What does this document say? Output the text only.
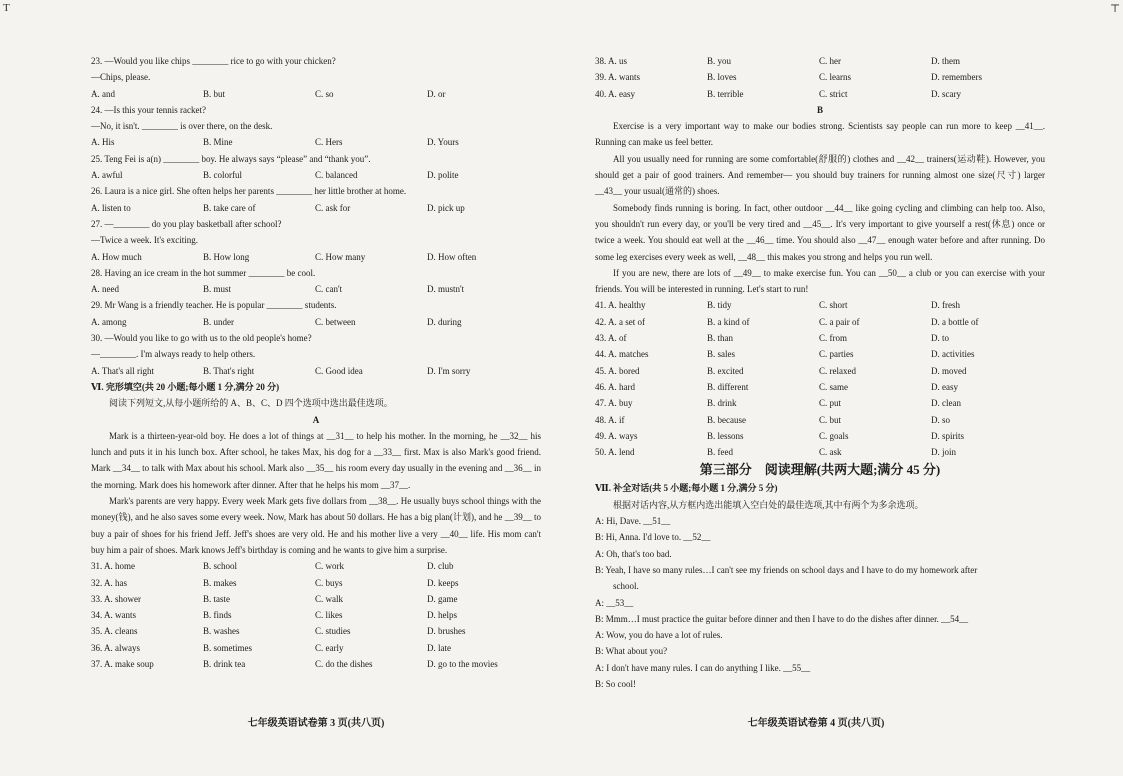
T	⊤
23. —Would you like chips ________ rice to go with your chicken?
—Chips, please.
A. and	B. but	C. so	D. or
24. —Is this your tennis racket?
—No, it isn't. ________ is over there, on the desk.
A. His	B. Mine	C. Hers	D. Yours
25. Teng Fei is a(n) ________ boy. He always says “please” and “thank you”.
A. awful	B. colorful	C. balanced	D. polite
26. Laura is a nice girl. She often helps her parents ________ her little brother at home.
A. listen to	B. take care of	C. ask for	D. pick up
27. —________ do you play basketball after school?
—Twice a week. It's exciting.
A. How much	B. How long	C. How many	D. How often
28. Having an ice cream in the hot summer ________ be cool.
A. need	B. must	C. can't	D. mustn't
29. Mr Wang is a friendly teacher. He is popular ________ students.
A. among	B. under	C. between	D. during
30. —Would you like to go with us to the old people's home?
—________. I'm always ready to help others.
A. That's all right	B. That's right	C. Good idea	D. I'm sorry
Ⅵ. 完形填空(共 20 小题;每小题 1 分,满分 20 分)
阅读下列短文,从每小题所给的 A、B、C、D 四个选项中选出最佳选项。
A
Mark is a thirteen-year-old boy. He does a lot of things at __31__ to help his mother. In the morning, he __32__ his lunch and puts it in his lunch box. After school, he takes Max, his dog for a __33__ first. Max is also Mark's good friend. Mark __34__ to talk with Max about his school. Mark also __35__ his room every day usually in the evening and __36__ in the morning. Mark does his homework after dinner. After that he helps his mom __37__.
Mark's parents are very happy. Every week Mark gets five dollars from __38__. He usually buys school things with the money(钱), and he also saves some every week. Now, Mark has about 50 dollars. He has a big plan(计划), and he __39__ to buy a pair of shoes for his friend Jeff. Jeff's shoes are very old. He and his mother live a very __40__ life. His mom can't buy him a pair of shoes. Mark knows Jeff's birthday is coming and he wants to give him a surprise.
31. A. home	B. school	C. work	D. club
32. A. has	B. makes	C. buys	D. keeps
33. A. shower	B. taste	C. walk	D. game
34. A. wants	B. finds	C. likes	D. helps
35. A. cleans	B. washes	C. studies	D. brushes
36. A. always	B. sometimes	C. early	D. late
37. A. make soup	B. drink tea	C. do the dishes	D. go to the movies
38. A. us	B. you	C. her	D. them
39. A. wants	B. loves	C. learns	D. remembers
40. A. easy	B. terrible	C. strict	D. scary
B
Exercise is a very important way to make our bodies strong. Scientists say people can run more to keep __41__. Running can make us feel better.
All you usually need for running are some comfortable(舒服的) clothes and __42__ trainers(运动鞋). However, you should get a pair of good trainers. And remember— you should buy trainers for running almost one size(尺寸) larger __43__ your usual(通常的) shoes.
Somebody finds running is boring. In fact, other outdoor __44__ like going cycling and climbing can help too. Also, you shouldn't run every day, or you'll be very tired and __45__. It's very important to give yourself a rest(休息) once or twice a week. You should eat well at the __46__ time. You should also __47__ enough water before and after running. Do some leg exercises every week as well, __48__ this makes you strong and helps you run well.
If you are new, there are lots of __49__ to make exercise fun. You can __50__ a club or you can exercise with your friends. You will be interested in running. Let's start to run!
41. A. healthy	B. tidy	C. short	D. fresh
42. A. a set of	B. a kind of	C. a pair of	D. a bottle of
43. A. of	B. than	C. from	D. to
44. A. matches	B. sales	C. parties	D. activities
45. A. bored	B. excited	C. relaxed	D. moved
46. A. hard	B. different	C. same	D. easy
47. A. buy	B. drink	C. put	D. clean
48. A. if	B. because	C. but	D. so
49. A. ways	B. lessons	C. goals	D. spirits
50. A. lend	B. feed	C. ask	D. join
第三部分　阅读理解(共两大题;满分 45 分)
Ⅶ. 补全对话(共 5 小题;每小题 1 分,满分 5 分)
根据对话内容,从方框内选出能填入空白处的最佳选项,其中有两个为多余选项。
A: Hi, Dave. __51__
B: Hi, Anna. I'd love to. __52__
A: Oh, that's too bad.
B: Yeah, I have so many rules…I can't see my friends on school days and I have to do my homework after
　　school.
A: __53__
B: Mmm…I must practice the guitar before dinner and then I have to do the dishes after dinner. __54__
A: Wow, you do have a lot of rules.
B: What about you?
A: I don't have many rules. I can do anything I like. __55__
B: So cool!
七年级英语试卷第 3 页(共八页)	七年级英语试卷第 4 页(共八页)
